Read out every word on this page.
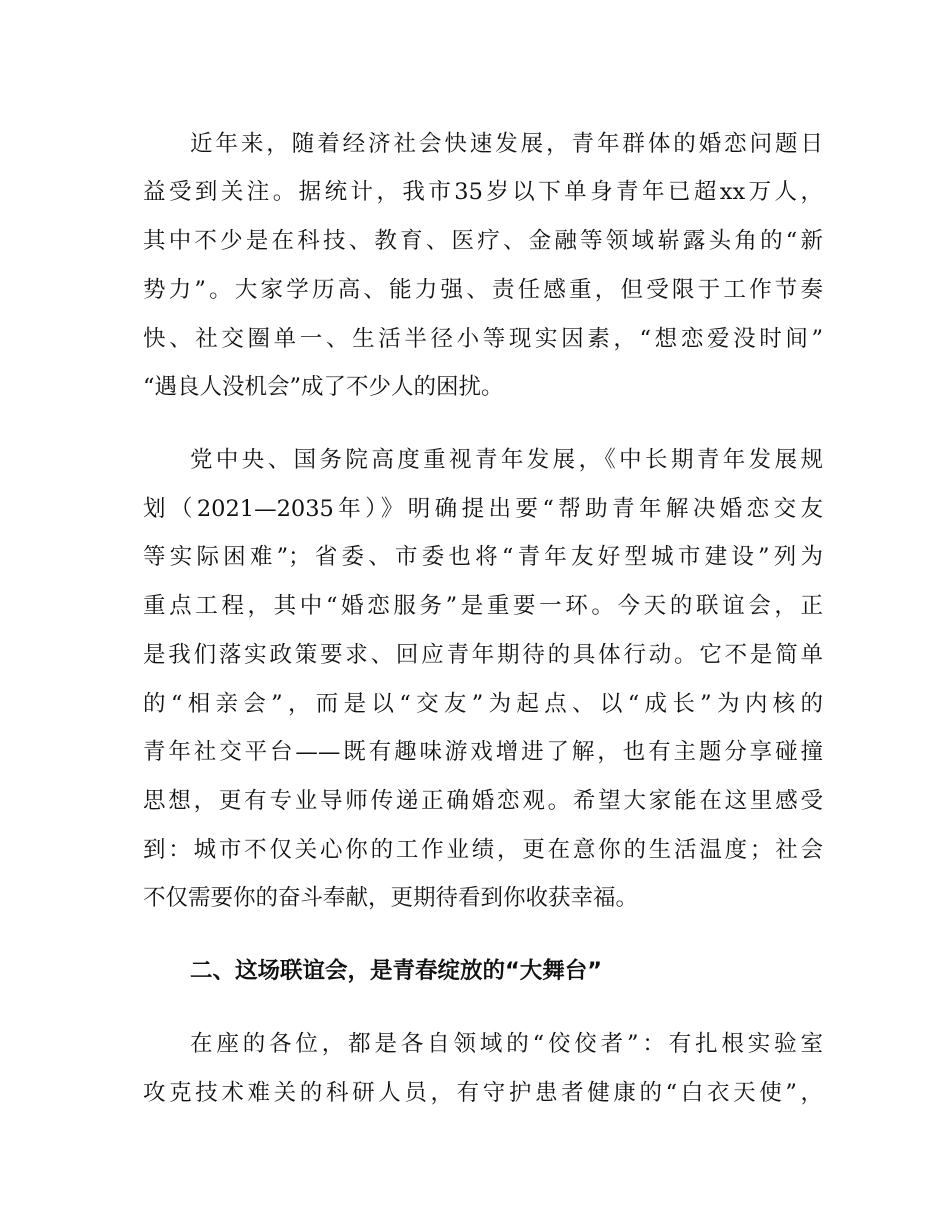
近年来，随着经济社会快速发展，青年群体的婚恋问题日
益受到关注。据统计，我市35岁以下单身青年已超xx万人，
其中不少是在科技、教育、医疗、金融等领域崭露头角的“新
势力”。大家学历高、能力强、责任感重，但受限于工作节奏
快、社交圈单一、生活半径小等现实因素，“想恋爱没时间”
“遇良人没机会”成了不少人的困扰。
党中央、国务院高度重视青年发展，《中长期青年发展规
划（2021—2035年）》明确提出要“帮助青年解决婚恋交友
等实际困难”；省委、市委也将“青年友好型城市建设”列为
重点工程，其中“婚恋服务”是重要一环。今天的联谊会，正
是我们落实政策要求、回应青年期待的具体行动。它不是简单
的“相亲会”，而是以“交友”为起点、以“成长”为内核的
青年社交平台——既有趣味游戏增进了解，也有主题分享碰撞
思想，更有专业导师传递正确婚恋观。希望大家能在这里感受
到：城市不仅关心你的工作业绩，更在意你的生活温度；社会
不仅需要你的奋斗奉献，更期待看到你收获幸福。
二、这场联谊会，是青春绽放的“大舞台”
在座的各位，都是各自领域的“佼佼者”：有扎根实验室
攻克技术难关的科研人员，有守护患者健康的“白衣天使”，
